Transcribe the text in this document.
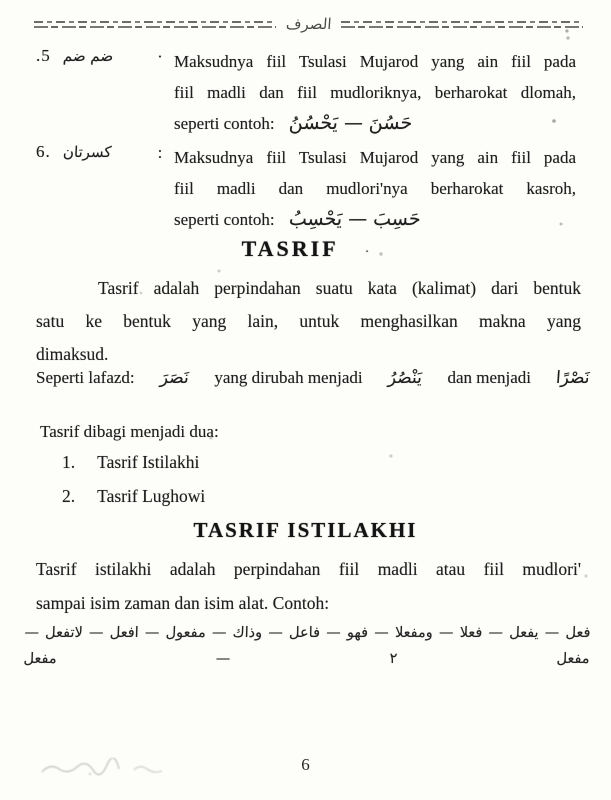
الصرف
.5 ضم ضم	· Maksudnya fiil Tsulasi Mujarod yang ain fiil pada
fiil madli dan fiil mudloriknya, berharokat dlomah,
seperti contoh: حَسُنَ — يَحْسُنُ
6. كسرتان	: Maksudnya fiil Tsulasi Mujarod yang ain fiil pada
fiil madli dan mudlori'nya berharokat kasroh,
seperti contoh: حَسِبَ — يَحْسِبُ
TASRIF ·
Tasrif adalah perpindahan suatu kata (kalimat) dari bentuk
satu ke bentuk yang lain, untuk menghasilkan makna yang
dimaksud.
Seperti lafazd: نَصَرَ yang dirubah menjadi يَنْصُرُ dan menjadi نَصْرًا
Tasrif dibagi menjadi dua:
1. Tasrif Istilakhi
2. Tasrif Lughowi
TASRIF ISTILAKHI
Tasrif istilakhi adalah perpindahan fiil madli atau fiil mudlori'
sampai isim zaman dan isim alat. Contoh:
فعل — يفعل — فعلا — ومفعلا — فهو — فاعل — وذاك — مفعول — افعل — لاتفعل — مفعل ٢ — مفعل
6
